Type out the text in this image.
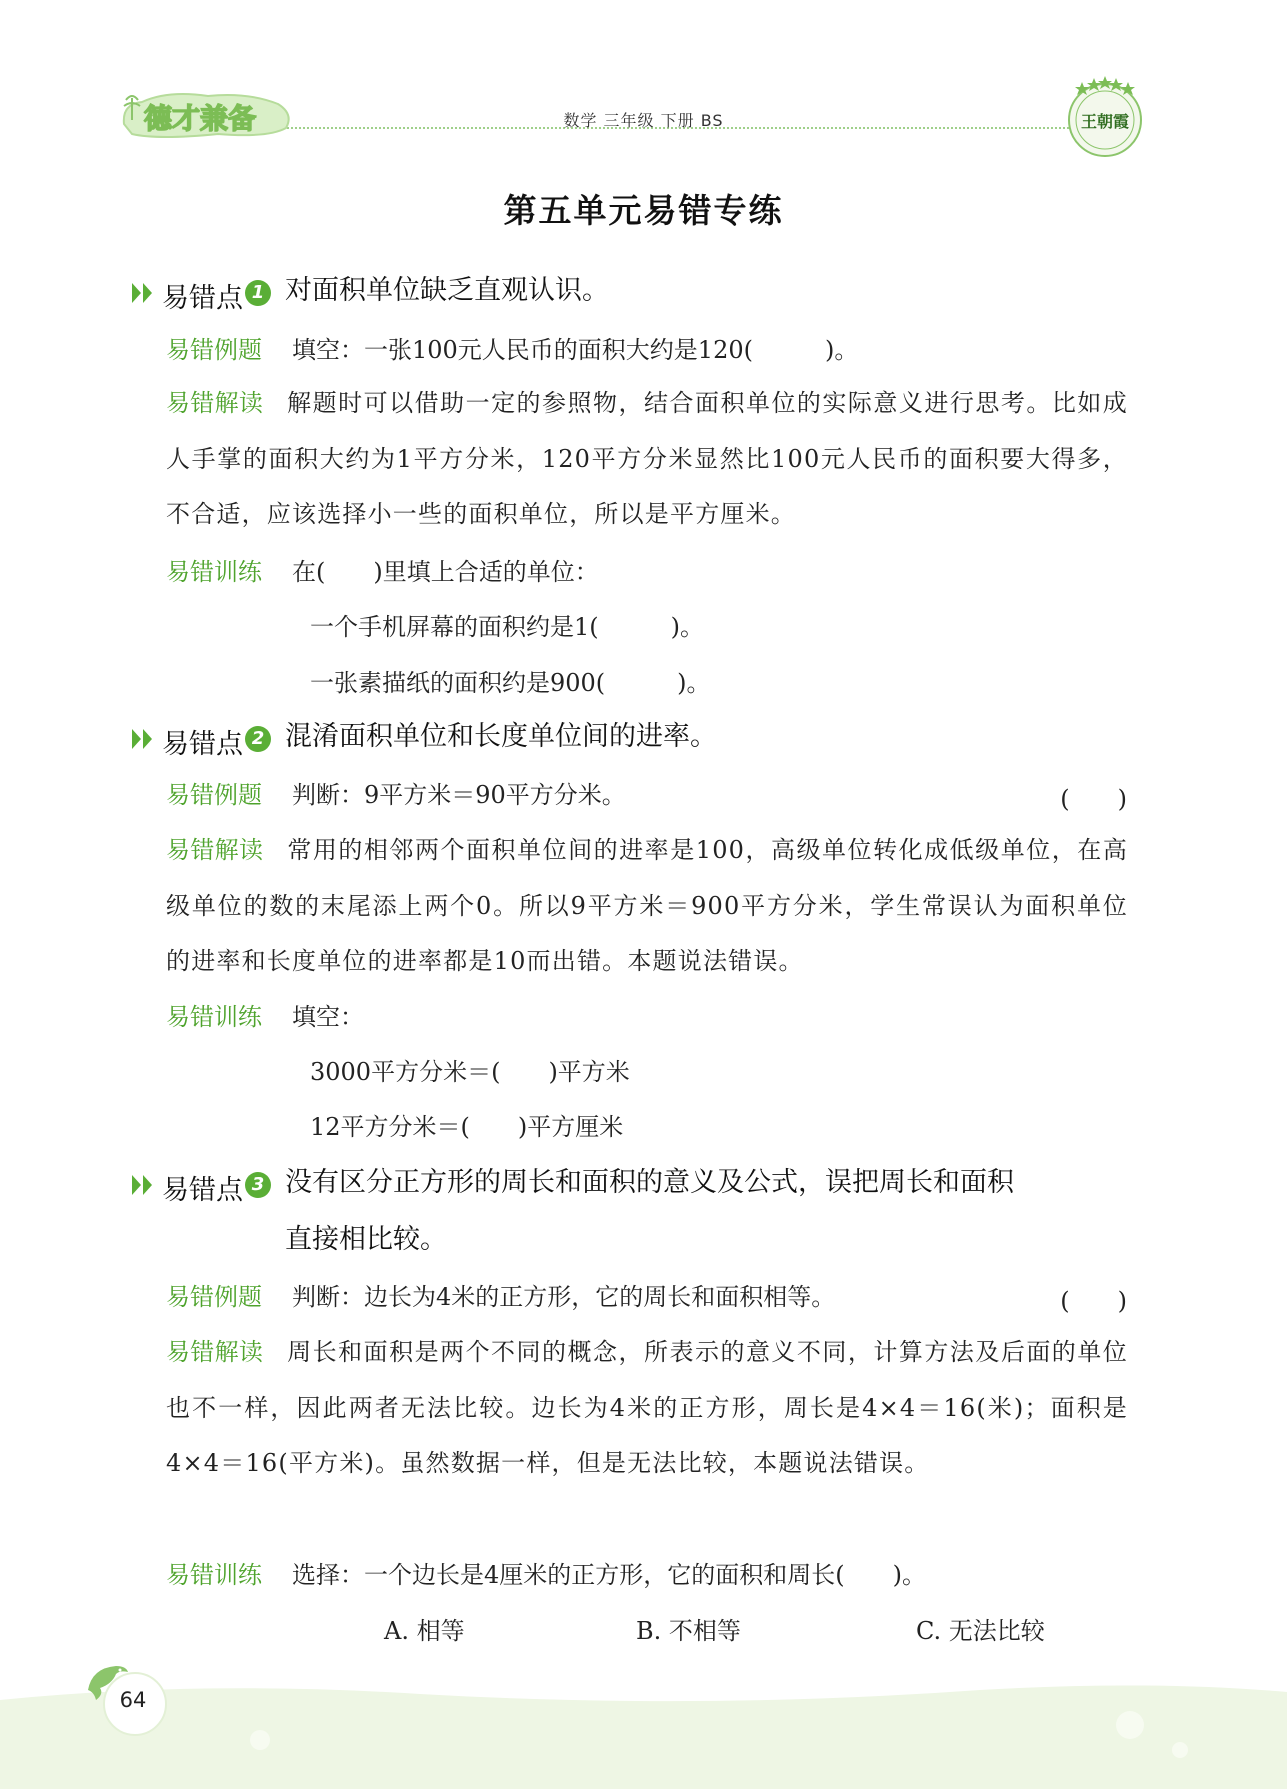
德才兼备	数学 三年级 下册 BS	王朝霞
第五单元易错专练
易错点 1 对面积单位缺乏直观认识。
易错例题 填空：一张100元人民币的面积大约是120(　　　)。
易错解读 解题时可以借助一定的参照物，结合面积单位的实际意义进行思考。比如成人手掌的面积大约为1平方分米，120平方分米显然比100元人民币的面积要大得多，不合适，应该选择小一些的面积单位，所以是平方厘米。
易错训练 在(　　)里填上合适的单位：
一个手机屏幕的面积约是1(　　　)。
一张素描纸的面积约是900(　　　)。
易错点 2 混淆面积单位和长度单位间的进率。
易错例题 判断：9平方米＝90平方分米。	(　　)
易错解读 常用的相邻两个面积单位间的进率是100，高级单位转化成低级单位，在高级单位的数的末尾添上两个0。所以9平方米＝900平方分米，学生常误认为面积单位的进率和长度单位的进率都是10而出错。本题说法错误。
易错训练 填空：
3000平方分米＝(　　)平方米
12平方分米＝(　　)平方厘米
易错点 3 没有区分正方形的周长和面积的意义及公式，误把周长和面积
直接相比较。
易错例题 判断：边长为4米的正方形，它的周长和面积相等。	(　　)
易错解读 周长和面积是两个不同的概念，所表示的意义不同，计算方法及后面的单位也不一样，因此两者无法比较。边长为4米的正方形，周长是4×4＝16(米)；面积是4×4＝16(平方米)。虽然数据一样，但是无法比较，本题说法错误。
易错训练 选择：一个边长是4厘米的正方形，它的面积和周长(　　)。
A. 相等	B. 不相等	C. 无法比较
64
